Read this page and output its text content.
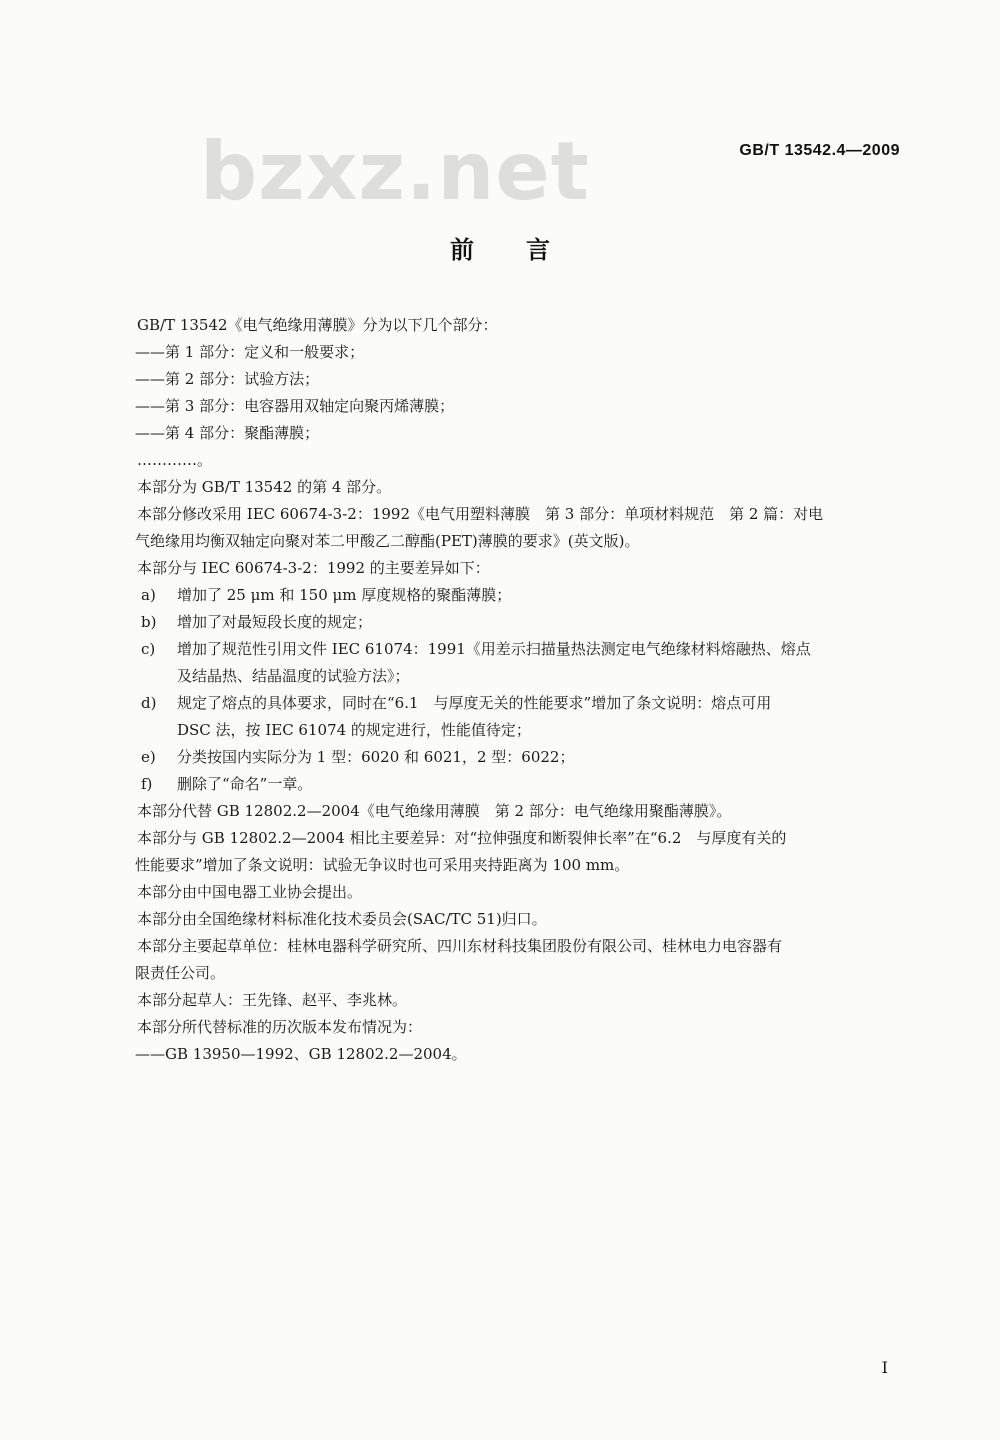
bzxz.net	GB/T 13542.4—2009
前言

GB/T 13542《电气绝缘用薄膜》分为以下几个部分：

——第 1 部分：定义和一般要求；

——第 2 部分：试验方法；

——第 3 部分：电容器用双轴定向聚丙烯薄膜；

——第 4 部分：聚酯薄膜；

…………。

本部分为 GB/T 13542 的第 4 部分。

本部分修改采用 IEC 60674-3-2：1992《电气用塑料薄膜　第 3 部分：单项材料规范　第 2 篇：对电
气绝缘用均衡双轴定向聚对苯二甲酸乙二醇酯(PET)薄膜的要求》(英文版)。

本部分与 IEC 60674-3-2：1992 的主要差异如下：

a) 增加了 25 μm 和 150 μm 厚度规格的聚酯薄膜；
b) 增加了对最短段长度的规定；
c) 增加了规范性引用文件 IEC 61074：1991《用差示扫描量热法测定电气绝缘材料熔融热、熔点
及结晶热、结晶温度的试验方法》；
d) 规定了熔点的具体要求，同时在“6.1　与厚度无关的性能要求”增加了条文说明：熔点可用
DSC 法，按 IEC 61074 的规定进行，性能值待定；
e) 分类按国内实际分为 1 型：6020 和 6021，2 型：6022；
f) 删除了“命名”一章。

本部分代替 GB 12802.2—2004《电气绝缘用薄膜　第 2 部分：电气绝缘用聚酯薄膜》。

本部分与 GB 12802.2—2004 相比主要差异：对“拉伸强度和断裂伸长率”在“6.2　与厚度有关的
性能要求”增加了条文说明：试验无争议时也可采用夹持距离为 100 mm。

本部分由中国电器工业协会提出。

本部分由全国绝缘材料标准化技术委员会(SAC/TC 51)归口。

本部分主要起草单位：桂林电器科学研究所、四川东材科技集团股份有限公司、桂林电力电容器有
限责任公司。

本部分起草人：王先锋、赵平、李兆林。

本部分所代替标准的历次版本发布情况为：

——GB 13950—1992、GB 12802.2—2004。

I
